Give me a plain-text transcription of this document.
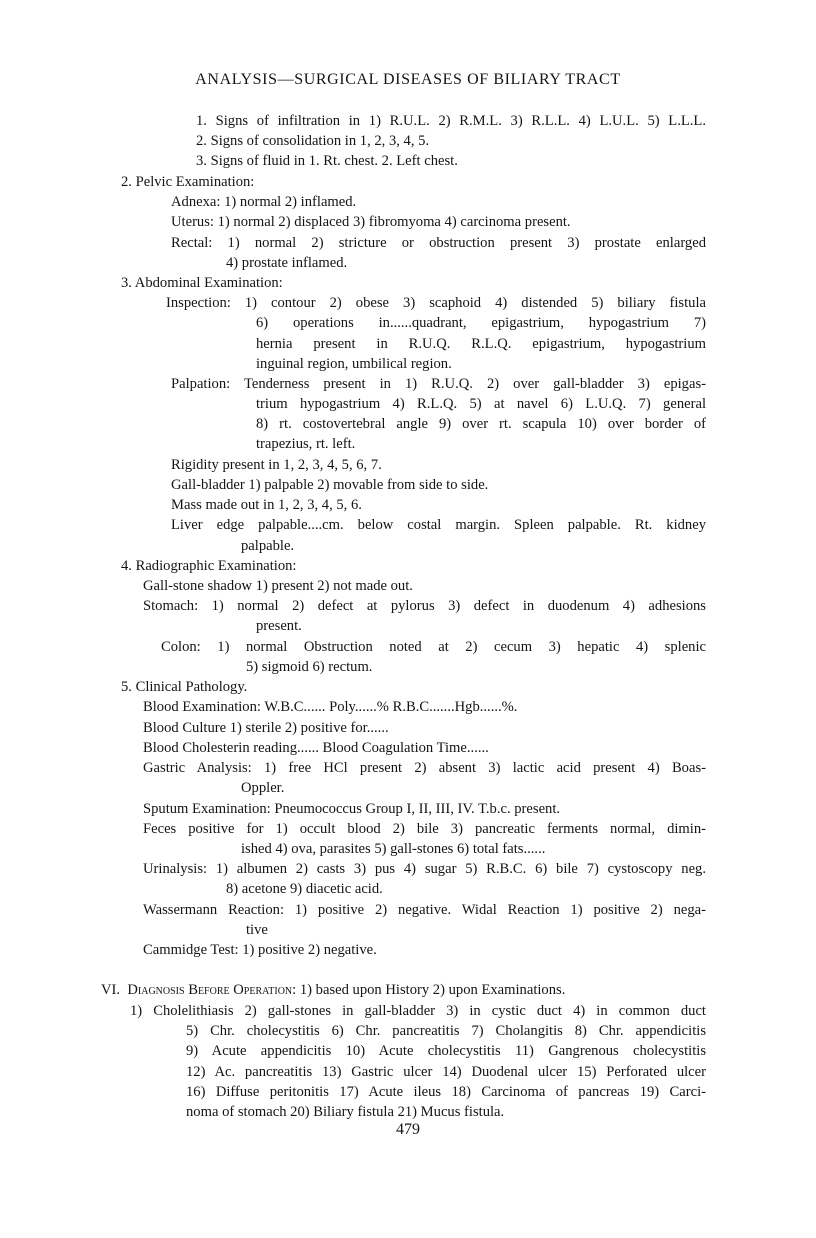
ANALYSIS—SURGICAL DISEASES OF BILIARY TRACT
1. Signs of infiltration in 1) R.U.L. 2) R.M.L. 3) R.L.L. 4) L.U.L. 5) L.L.L.
2. Signs of consolidation in 1, 2, 3, 4, 5.
3. Signs of fluid in 1. Rt. chest. 2. Left chest.
2. Pelvic Examination:
Adnexa: 1) normal 2) inflamed.
Uterus: 1) normal 2) displaced 3) fibromyoma 4) carcinoma present.
Rectal: 1) normal 2) stricture or obstruction present 3) prostate enlarged
4) prostate inflamed.
3. Abdominal Examination:
Inspection: 1) contour 2) obese 3) scaphoid 4) distended 5) biliary fistula
6) operations in......quadrant, epigastrium, hypogastrium 7)
hernia present in R.U.Q. R.L.Q. epigastrium, hypogastrium
inguinal region, umbilical region.
Palpation: Tenderness present in 1) R.U.Q. 2) over gall-bladder 3) epigas-
trium hypogastrium 4) R.L.Q. 5) at navel 6) L.U.Q. 7) general
8) rt. costovertebral angle 9) over rt. scapula 10) over border of
trapezius, rt. left.
Rigidity present in 1, 2, 3, 4, 5, 6, 7.
Gall-bladder 1) palpable 2) movable from side to side.
Mass made out in 1, 2, 3, 4, 5, 6.
Liver edge palpable....cm. below costal margin. Spleen palpable. Rt. kidney
palpable.
4. Radiographic Examination:
Gall-stone shadow 1) present 2) not made out.
Stomach: 1) normal 2) defect at pylorus 3) defect in duodenum 4) adhesions
present.
Colon: 1) normal Obstruction noted at 2) cecum 3) hepatic 4) splenic
5) sigmoid 6) rectum.
5. Clinical Pathology.
Blood Examination: W.B.C...... Poly......% R.B.C.......Hgb......%.
Blood Culture 1) sterile 2) positive for......
Blood Cholesterin reading...... Blood Coagulation Time......
Gastric Analysis: 1) free HCl present 2) absent 3) lactic acid present 4) Boas-
Oppler.
Sputum Examination: Pneumococcus Group I, II, III, IV. T.b.c. present.
Feces positive for 1) occult blood 2) bile 3) pancreatic ferments normal, dimin-
ished 4) ova, parasites 5) gall-stones 6) total fats......
Urinalysis: 1) albumen 2) casts 3) pus 4) sugar 5) R.B.C. 6) bile 7) cystoscopy neg.
8) acetone 9) diacetic acid.
Wassermann Reaction: 1) positive 2) negative. Widal Reaction 1) positive 2) nega-
tive
Cammidge Test: 1) positive 2) negative.
VI. Diagnosis Before Operation: 1) based upon History 2) upon Examinations.
1) Cholelithiasis 2) gall-stones in gall-bladder 3) in cystic duct 4) in common duct
5) Chr. cholecystitis 6) Chr. pancreatitis 7) Cholangitis 8) Chr. appendicitis
9) Acute appendicitis 10) Acute cholecystitis 11) Gangrenous cholecystitis
12) Ac. pancreatitis 13) Gastric ulcer 14) Duodenal ulcer 15) Perforated ulcer
16) Diffuse peritonitis 17) Acute ileus 18) Carcinoma of pancreas 19) Carci-
noma of stomach 20) Biliary fistula 21) Mucus fistula.
479
